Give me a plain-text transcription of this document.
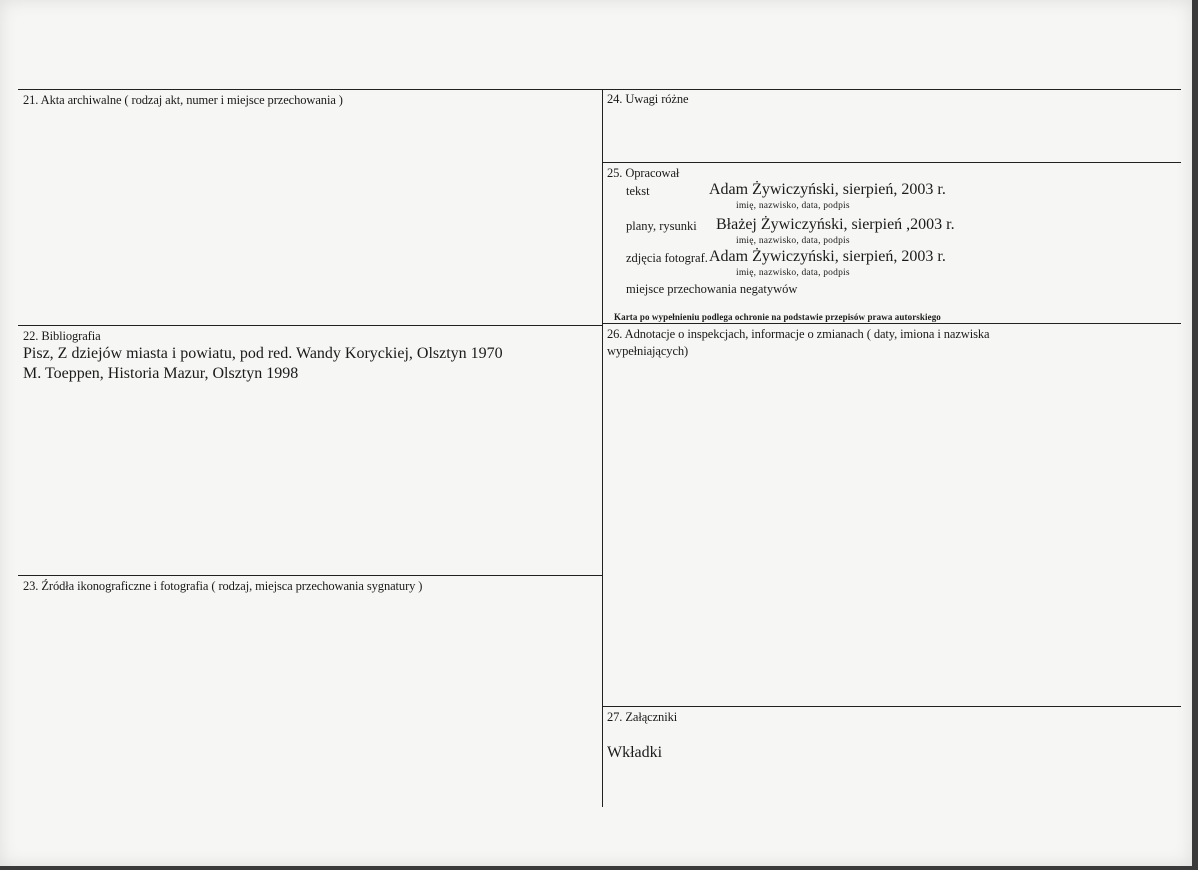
21. Akta archiwalne ( rodzaj akt, numer i miejsce przechowania )	24. Uwagi różne
25. Opracował
tekst	Adam Żywiczyński, sierpień, 2003 r.
imię, nazwisko, data, podpis
plany, rysunki Błażej Żywiczyński, sierpień ,2003 r.
imię, nazwisko, data, podpis
zdjęcia fotograf. Adam Żywiczyński, sierpień, 2003 r.
imię, nazwisko, data, podpis
miejsce przechowania negatywów
Karta po wypełnieniu podlega ochronie na podstawie przepisów prawa autorskiego
22. Bibliografia
Pisz, Z dziejów miasta i powiatu, pod red. Wandy Koryckiej, Olsztyn 1970
M. Toeppen, Historia Mazur, Olsztyn 1998
26. Adnotacje o inspekcjach, informacje o zmianach ( daty, imiona i nazwiska
wypełniających)
23. Źródła ikonograficzne i fotografia ( rodzaj, miejsca przechowania sygnatury )
27. Załączniki
Wkładki
